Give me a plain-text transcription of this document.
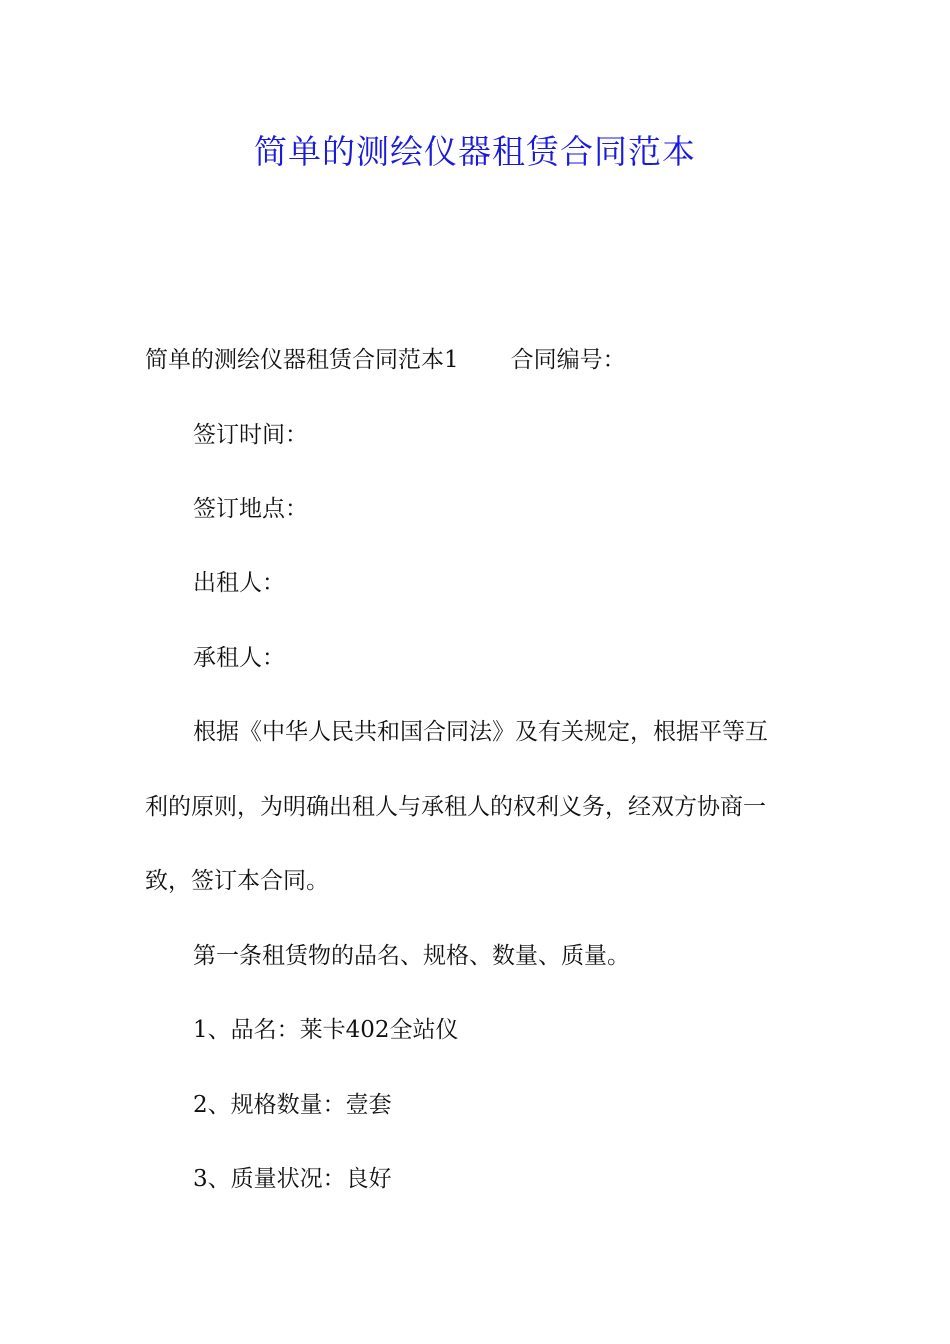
简单的测绘仪器租赁合同范本
简单的测绘仪器租赁合同范本1 合同编号：
签订时间：
签订地点：
出租人：
承租人：
根据《中华人民共和国合同法》及有关规定，根据平等互
利的原则，为明确出租人与承租人的权利义务，经双方协商一
致，签订本合同。
第一条租赁物的品名、规格、数量、质量。
1、品名：莱卡402全站仪
2、规格数量：壹套
3、质量状况：良好
